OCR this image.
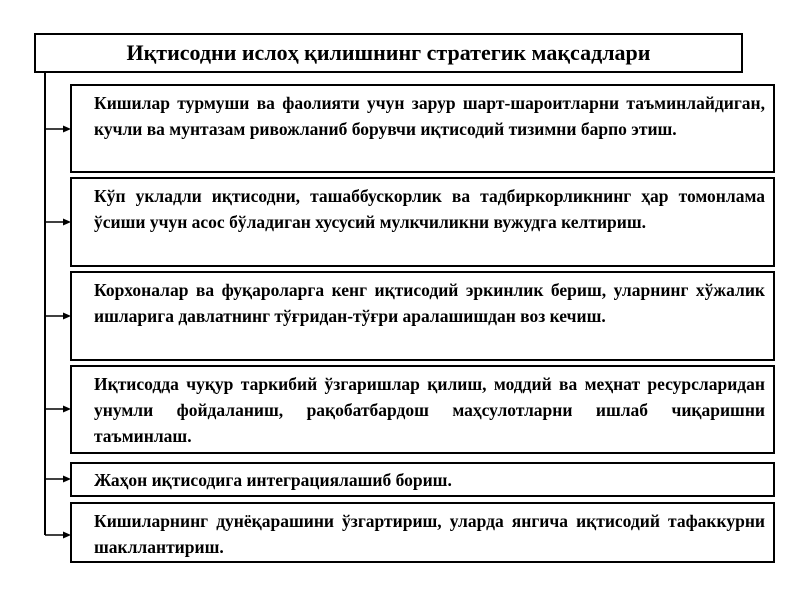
Иқтисодни ислоҳ қилишнинг стратегик мақсадлари
Кишилар турмуши ва фаолияти учун зарур шарт-шароитларни таъминлайдиган, кучли ва мунтазам ривожланиб борувчи иқтисодий тизимни барпо этиш.
Кўп укладли иқтисодни, ташаббускорлик ва тадбиркорликнинг ҳар томонлама ўсиши учун асос бўладиган хусусий мулкчиликни вужудга келтириш.
Корхоналар ва фуқароларга кенг иқтисодий эркинлик бериш, уларнинг хўжалик ишларига давлатнинг тўғридан-тўғри аралашишдан воз кечиш.
Иқтисодда чуқур таркибий ўзгаришлар қилиш, моддий ва меҳнат ресурсларидан унумли фойдаланиш, рақобатбардош маҳсулотларни ишлаб чиқаришни таъминлаш.
Жаҳон иқтисодига интеграциялашиб бориш.
Кишиларнинг дунёқарашини ўзгартириш, уларда янгича иқтисодий тафаккурни шакллантириш.
